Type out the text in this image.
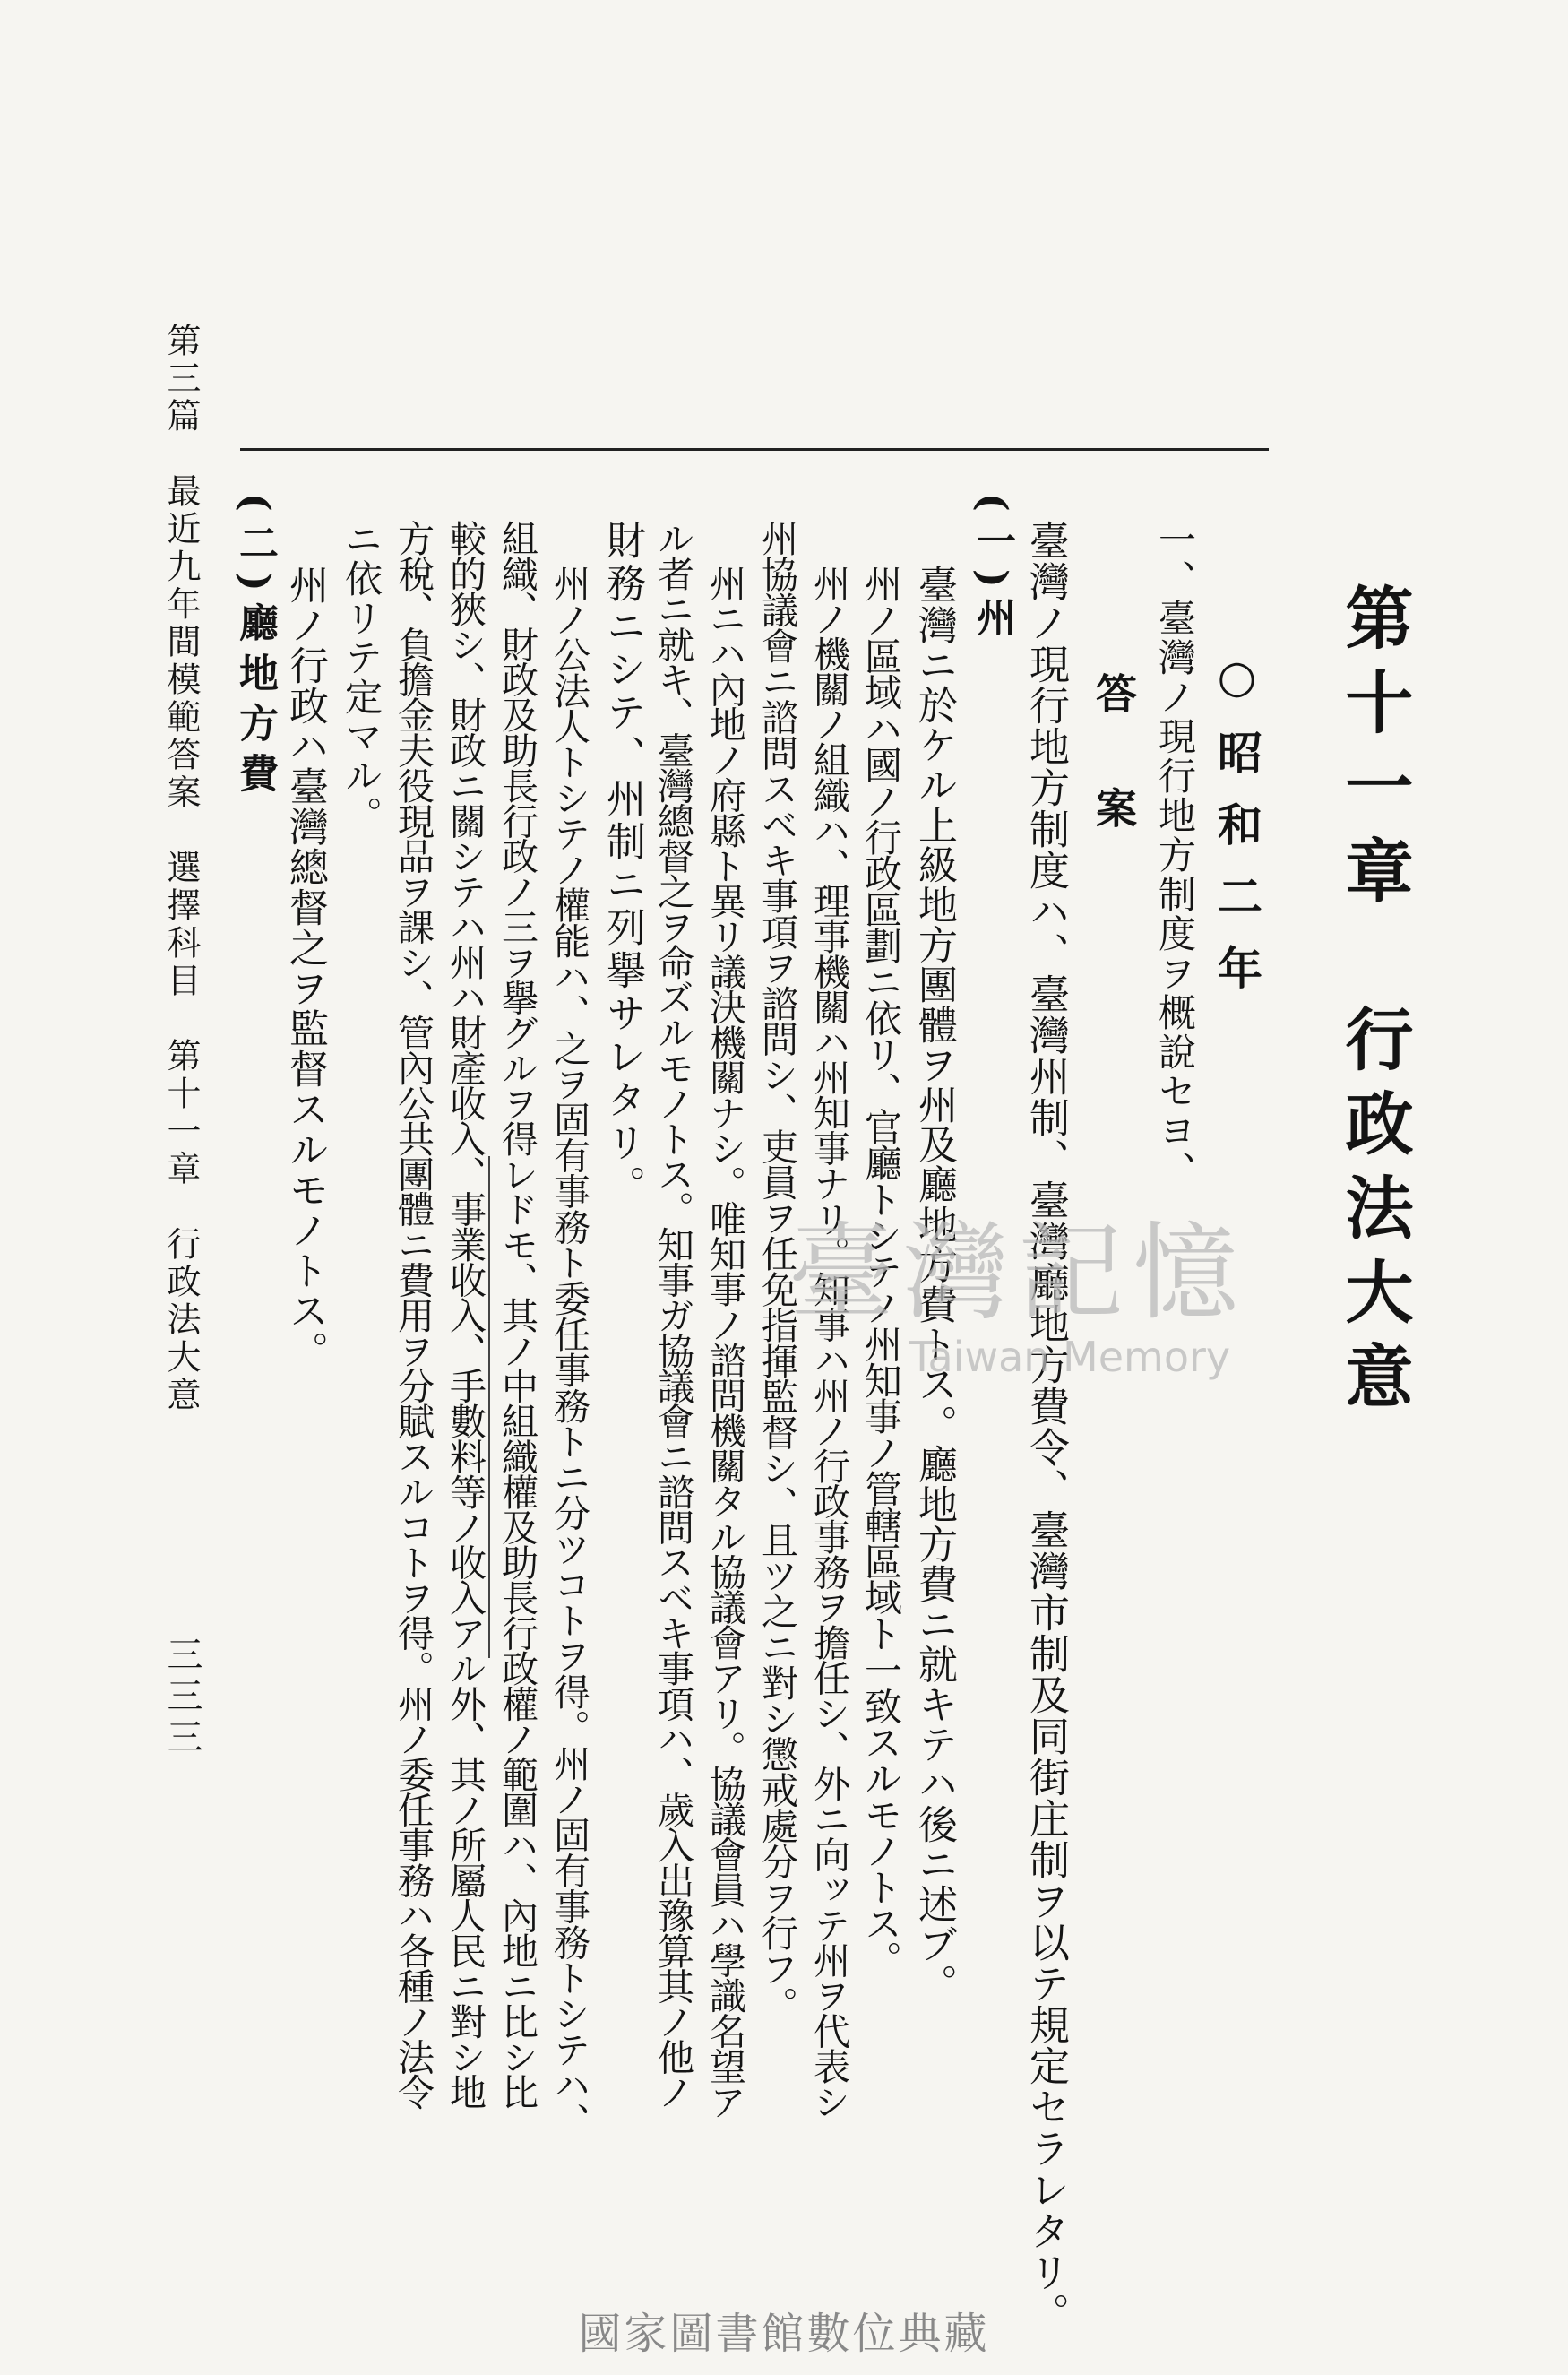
第十一章　行政法大意
○昭和二年
一、臺灣ノ現行地方制度ヲ概說セヨ、
答　案
臺灣ノ現行地方制度ハ、臺灣州制、臺灣廳地方費令、臺灣市制及同街庄制ヲ以テ規定セラレタリ。
(一)州
臺灣ニ於ケル上級地方團體ヲ州及廳地方費トス。廳地方費ニ就キテハ後ニ述ブ。
州ノ區域ハ國ノ行政區劃ニ依リ、官廳トシテノ州知事ノ管轄區域ト一致スルモノトス。
州ノ機關ノ組織ハ、理事機關ハ州知事ナリ。知事ハ州ノ行政事務ヲ擔任シ、外ニ向ッテ州ヲ代表シ
州協議會ニ諮問スベキ事項ヲ諮問シ、吏員ヲ任免指揮監督シ、且ツ之ニ對シ懲戒處分ヲ行フ。
州ニハ內地ノ府縣ト異リ議決機關ナシ。唯知事ノ諮問機關タル協議會アリ。協議會員ハ學識名望ア
ル者ニ就キ、臺灣總督之ヲ命ズルモノトス。知事ガ協議會ニ諮問スベキ事項ハ、歲入出豫算其ノ他ノ
財務ニシテ、州制ニ列擧サレタリ。
州ノ公法人トシテノ權能ハ、之ヲ固有事務ト委任事務トニ分ツコトヲ得。州ノ固有事務トシテハ、
組織、財政及助長行政ノ三ヲ擧グルヲ得レドモ、其ノ中組織權及助長行政權ノ範圍ハ、內地ニ比シ比
較的狹シ、財政ニ關シテハ州ハ財產收入、事業收入、手數料等ノ收入アル外、其ノ所屬人民ニ對シ地
方稅、負擔金夫役現品ヲ課シ、管內公共團體ニ費用ヲ分賦スルコトヲ得。州ノ委任事務ハ各種ノ法令
ニ依リテ定マル。
(二)廳地方費 州ノ行政ハ臺灣總督之ヲ監督スルモノトス。
第三篇　最近九年間模範答案　選擇科目　第十一章　行政法大意
三三三
臺灣記憶
Taiwan Memory
國家圖書館數位典藏
